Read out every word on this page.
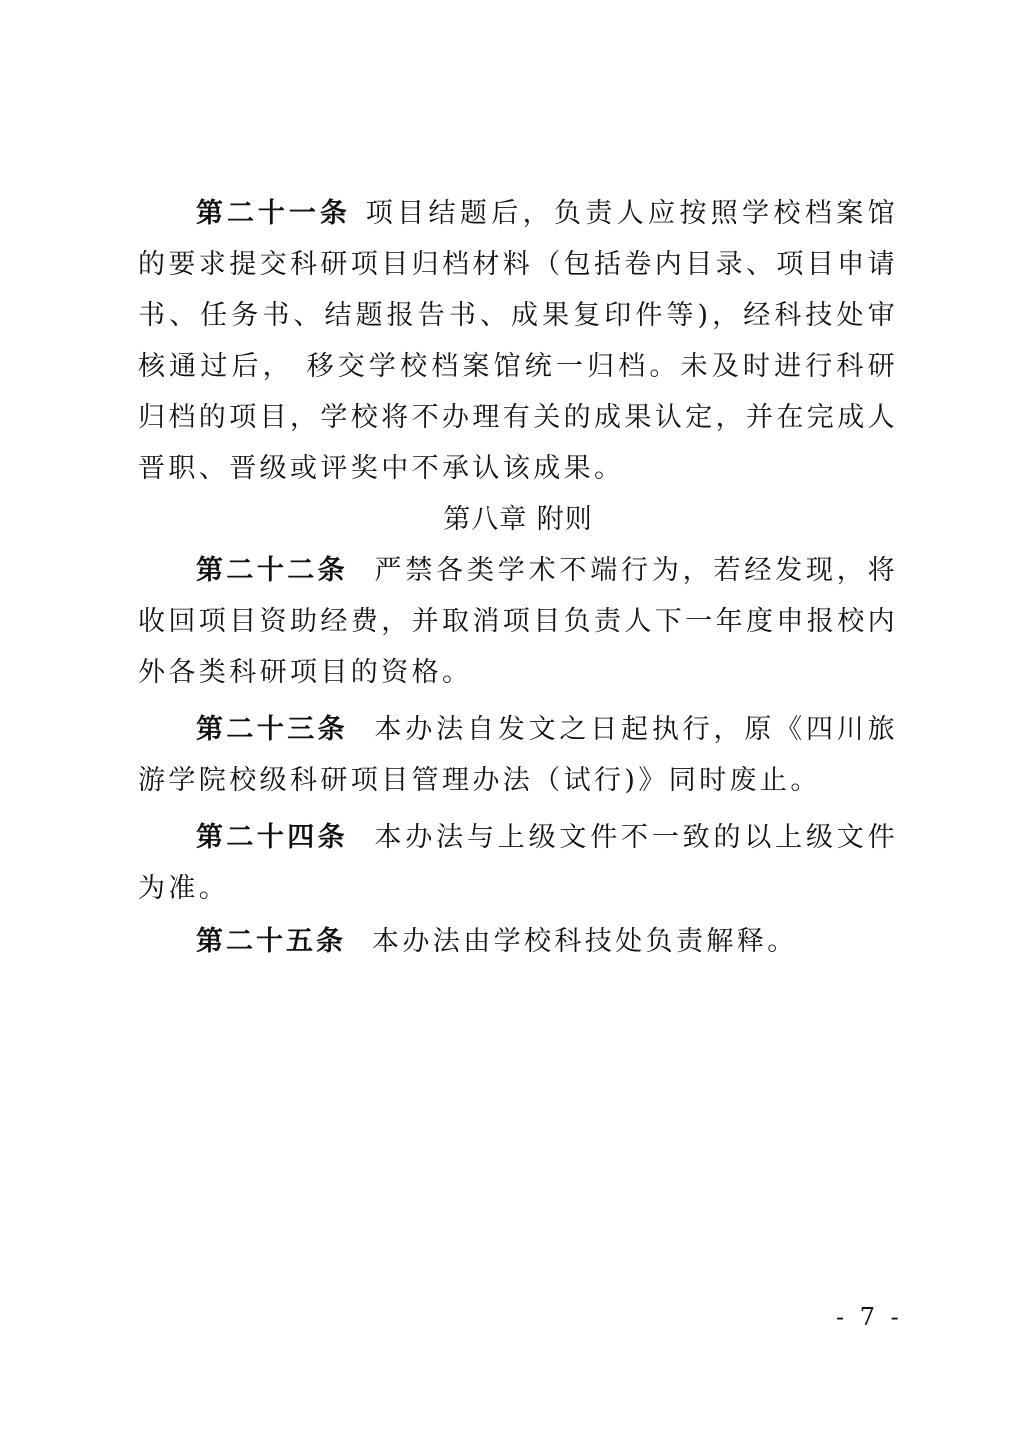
第二十一条 项目结题后，负责人应按照学校档案馆的要求提交科研项目归档材料（包括卷内目录、项目申请书、任务书、结题报告书、成果复印件等)，经科技处审核通过后， 移交学校档案馆统一归档。未及时进行科研归档的项目，学校将不办理有关的成果认定，并在完成人晋职、晋级或评奖中不承认该成果。

第八章 附则

第二十二条 严禁各类学术不端行为，若经发现，将收回项目资助经费，并取消项目负责人下一年度申报校内外各类科研项目的资格。

第二十三条 本办法自发文之日起执行，原《四川旅游学院校级科研项目管理办法（试行)》同时废止。

第二十四条 本办法与上级文件不一致的以上级文件为准。

第二十五条 本办法由学校科技处负责解释。

- 7 -
